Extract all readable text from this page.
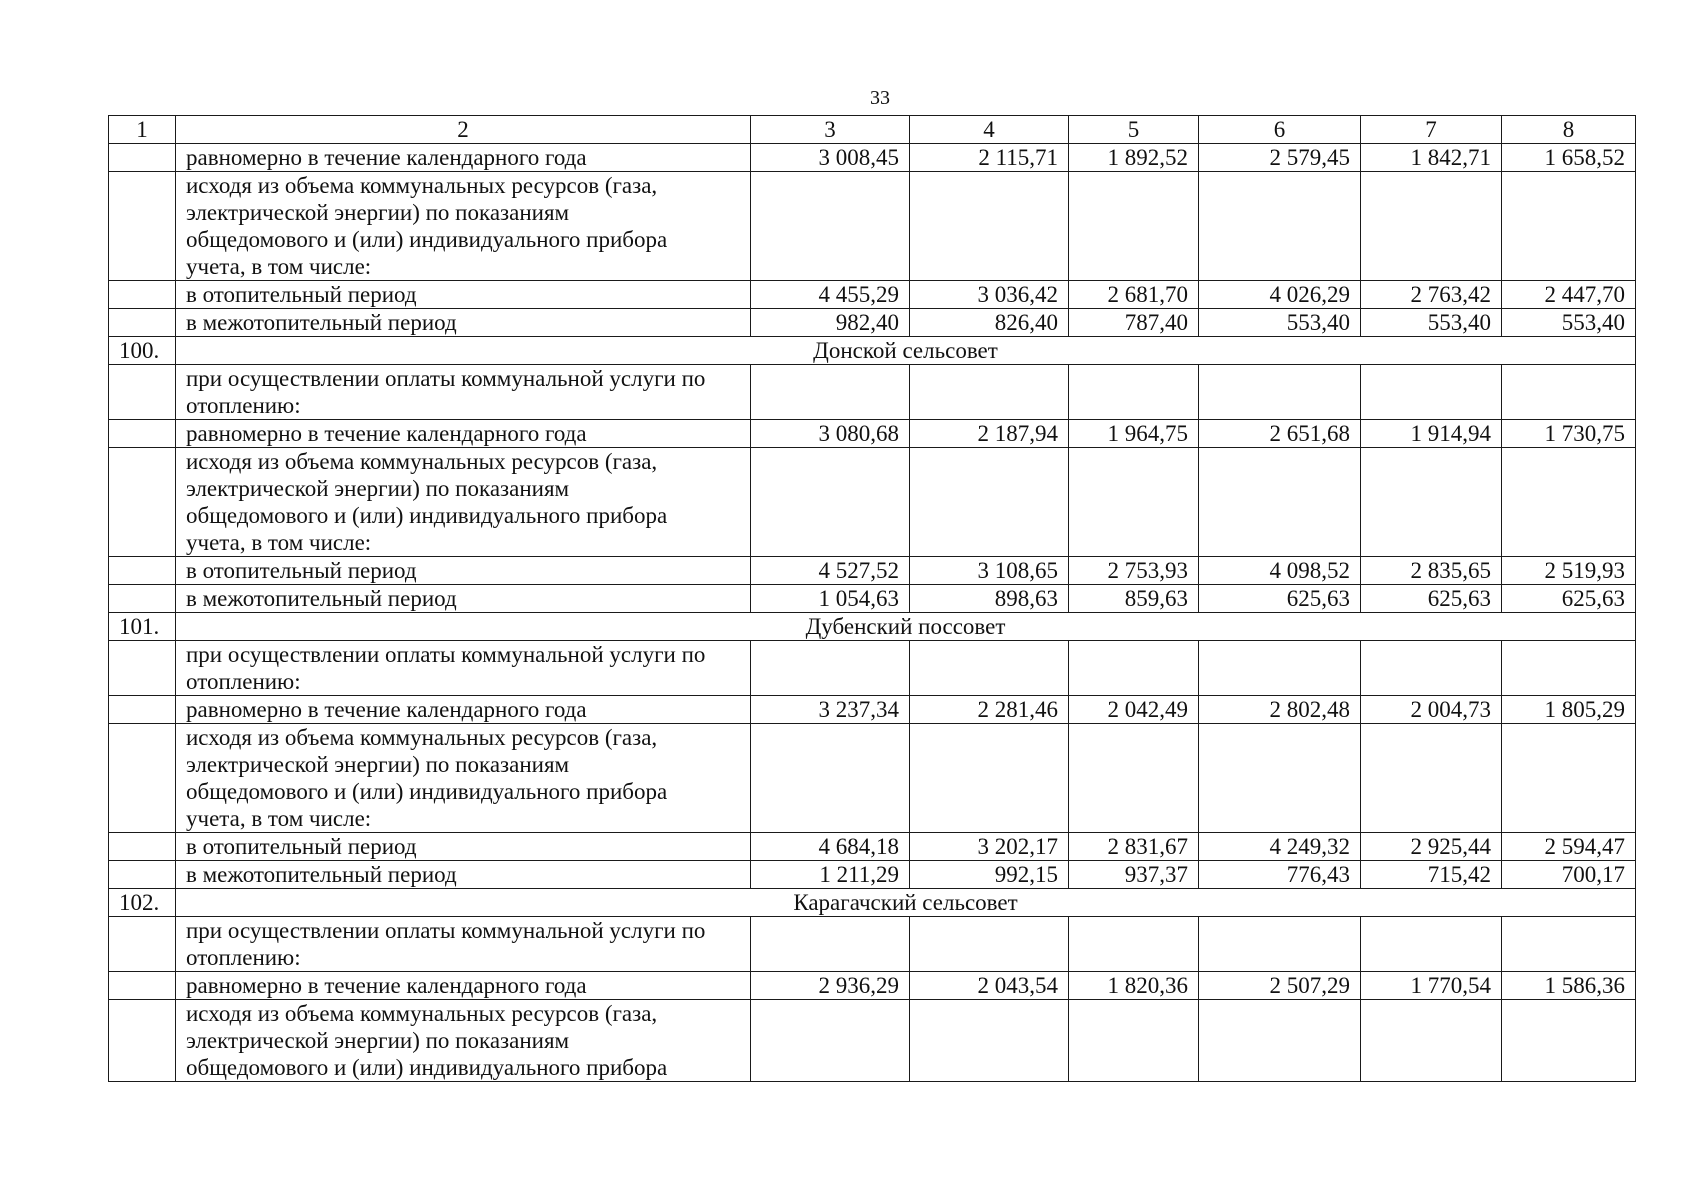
33
1	2	3	4	5	6	7	8

	равномерно в течение календарного года	3 008,45	2 115,71	1 892,52	2 579,45	1 842,71	1 658,52

	исходя из объема коммунальных ресурсов (газа,
электрической энергии) по показаниям
общедомового и (или) индивидуального прибора
учета, в том числе:						

	в отопительный период	4 455,29	3 036,42	2 681,70	4 026,29	2 763,42	2 447,70

	в межотопительный период	982,40	826,40	787,40	553,40	553,40	553,40
100.	Донской сельсовет						

	при осуществлении оплаты коммунальной услуги по
отоплению:						

	равномерно в течение календарного года	3 080,68	2 187,94	1 964,75	2 651,68	1 914,94	1 730,75

	исходя из объема коммунальных ресурсов (газа,
электрической энергии) по показаниям
общедомового и (или) индивидуального прибора
учета, в том числе:						

	в отопительный период	4 527,52	3 108,65	2 753,93	4 098,52	2 835,65	2 519,93

	в межотопительный период	1 054,63	898,63	859,63	625,63	625,63	625,63
101.	Дубенский поссовет						

	при осуществлении оплаты коммунальной услуги по
отоплению:						

	равномерно в течение календарного года	3 237,34	2 281,46	2 042,49	2 802,48	2 004,73	1 805,29

	исходя из объема коммунальных ресурсов (газа,
электрической энергии) по показаниям
общедомового и (или) индивидуального прибора
учета, в том числе:						

	в отопительный период	4 684,18	3 202,17	2 831,67	4 249,32	2 925,44	2 594,47

	в межотопительный период	1 211,29	992,15	937,37	776,43	715,42	700,17
102.	Карагачский сельсовет						

	при осуществлении оплаты коммунальной услуги по
отоплению:						

	равномерно в течение календарного года	2 936,29	2 043,54	1 820,36	2 507,29	1 770,54	1 586,36

	исходя из объема коммунальных ресурсов (газа,
электрической энергии) по показаниям
общедомового и (или) индивидуального прибора						
